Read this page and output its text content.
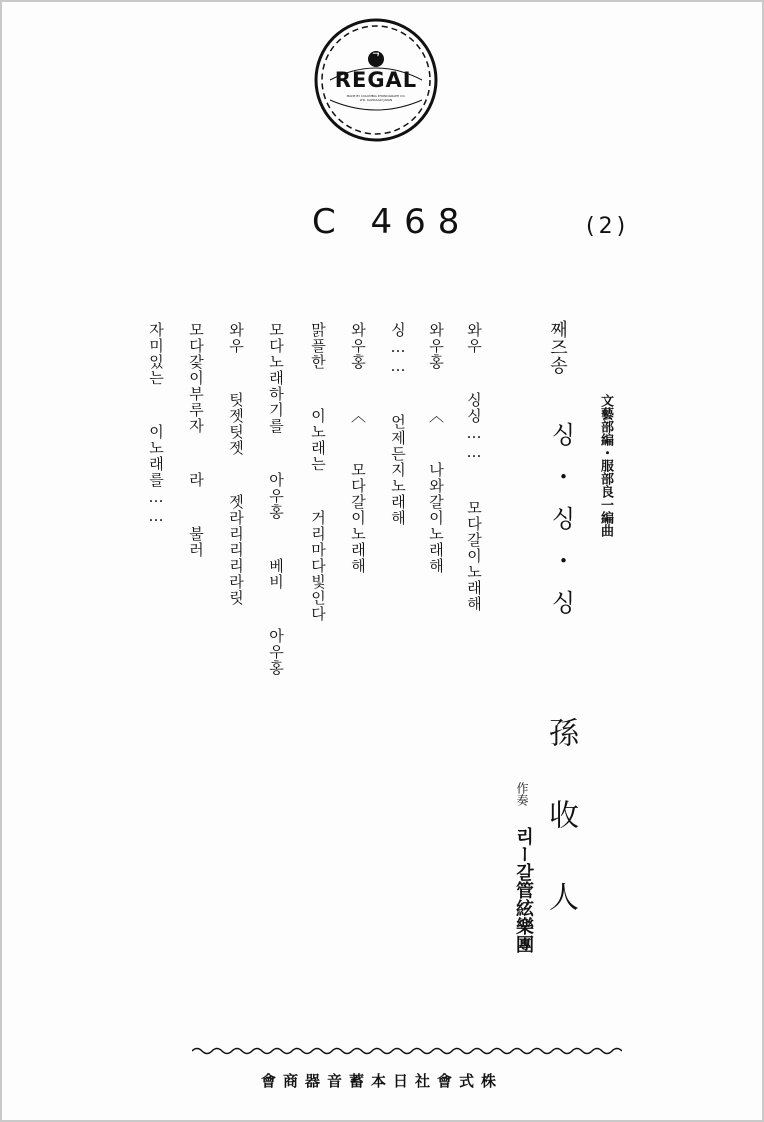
ᄀ
REGAL
MADE BY COLUMBIA PHONOGRAPH CO. LTD. KAWASAKI JAPAN
C 468	(2)
文藝部編・服部良一編曲
째즈송
싱・싱・싱
孫收人
作奏
리ー갈管絃樂團
와우  싱싱……  모다갈이노래해
와우홍  〈  나와갈이노래해
싱……  언제든지노래해
와우홍  〈  모다갈이노래해
맑플한  이노래는  거리마다빛인다
모다노래하기를  아우홍  베비  아우홍
와우  팃젯팃젯  젯라리리리라릿
모다갗이부루자  라  불러
자미있는  이노래를……
會商器音蓄本日社會式株
